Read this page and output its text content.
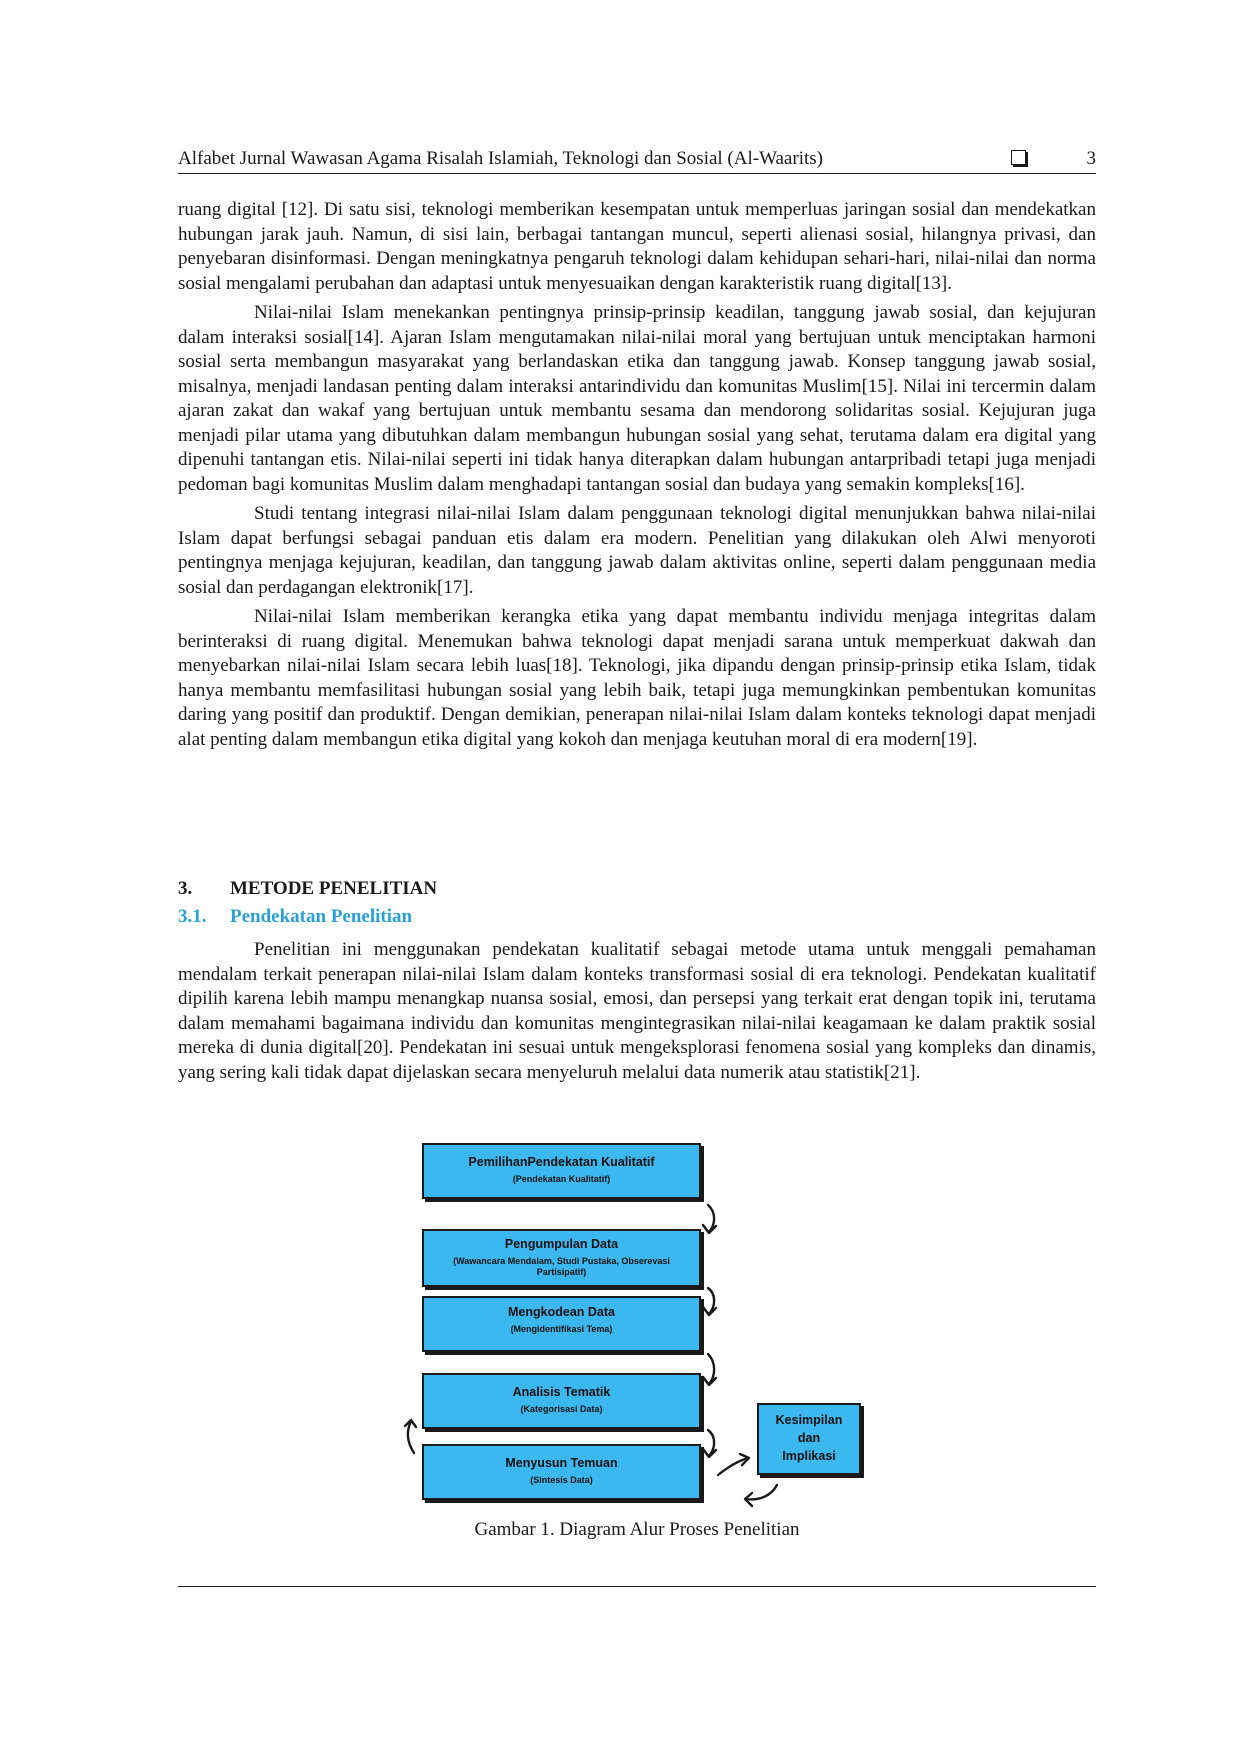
Alfabet Jurnal Wawasan Agama Risalah Islamiah, Teknologi dan Sosial (Al-Waarits)	3

ruang digital [12]. Di satu sisi, teknologi memberikan kesempatan untuk memperluas jaringan sosial dan mendekatkan hubungan jarak jauh. Namun, di sisi lain, berbagai tantangan muncul, seperti alienasi sosial, hilangnya privasi, dan penyebaran disinformasi. Dengan meningkatnya pengaruh teknologi dalam kehidupan sehari-hari, nilai-nilai dan norma sosial mengalami perubahan dan adaptasi untuk menyesuaikan dengan karakteristik ruang digital[13].

Nilai-nilai Islam menekankan pentingnya prinsip-prinsip keadilan, tanggung jawab sosial, dan kejujuran dalam interaksi sosial[14]. Ajaran Islam mengutamakan nilai-nilai moral yang bertujuan untuk menciptakan harmoni sosial serta membangun masyarakat yang berlandaskan etika dan tanggung jawab. Konsep tanggung jawab sosial, misalnya, menjadi landasan penting dalam interaksi antarindividu dan komunitas Muslim[15]. Nilai ini tercermin dalam ajaran zakat dan wakaf yang bertujuan untuk membantu sesama dan mendorong solidaritas sosial. Kejujuran juga menjadi pilar utama yang dibutuhkan dalam membangun hubungan sosial yang sehat, terutama dalam era digital yang dipenuhi tantangan etis. Nilai-nilai seperti ini tidak hanya diterapkan dalam hubungan antarpribadi tetapi juga menjadi pedoman bagi komunitas Muslim dalam menghadapi tantangan sosial dan budaya yang semakin kompleks[16].

Studi tentang integrasi nilai-nilai Islam dalam penggunaan teknologi digital menunjukkan bahwa nilai-nilai Islam dapat berfungsi sebagai panduan etis dalam era modern. Penelitian yang dilakukan oleh Alwi menyoroti pentingnya menjaga kejujuran, keadilan, dan tanggung jawab dalam aktivitas online, seperti dalam penggunaan media sosial dan perdagangan elektronik[17].

Nilai-nilai Islam memberikan kerangka etika yang dapat membantu individu menjaga integritas dalam berinteraksi di ruang digital. Menemukan bahwa teknologi dapat menjadi sarana untuk memperkuat dakwah dan menyebarkan nilai-nilai Islam secara lebih luas[18]. Teknologi, jika dipandu dengan prinsip-prinsip etika Islam, tidak hanya membantu memfasilitasi hubungan sosial yang lebih baik, tetapi juga memungkinkan pembentukan komunitas daring yang positif dan produktif. Dengan demikian, penerapan nilai-nilai Islam dalam konteks teknologi dapat menjadi alat penting dalam membangun etika digital yang kokoh dan menjaga keutuhan moral di era modern[19].

3. METODE PENELITIAN
3.1. Pendekatan Penelitian

Penelitian ini menggunakan pendekatan kualitatif sebagai metode utama untuk menggali pemahaman mendalam terkait penerapan nilai-nilai Islam dalam konteks transformasi sosial di era teknologi. Pendekatan kualitatif dipilih karena lebih mampu menangkap nuansa sosial, emosi, dan persepsi yang terkait erat dengan topik ini, terutama dalam memahami bagaimana individu dan komunitas mengintegrasikan nilai-nilai keagamaan ke dalam praktik sosial mereka di dunia digital[20]. Pendekatan ini sesuai untuk mengeksplorasi fenomena sosial yang kompleks dan dinamis, yang sering kali tidak dapat dijelaskan secara menyeluruh melalui data numerik atau statistik[21].

PemilihanPendekatan Kualitatif
(Pendekatan Kualitatif)
Pengumpulan Data
(Wawancara Mendalam, Studi Pustaka, Obserevasi Partisipatif)
Mengkodean Data
(Mengidentifikasi Tema)
Analisis Tematik
(Kategorisasi Data)
Menyusun Temuan
(Sintesis Data)
Kesimpilan
dan
Implikasi
Gambar 1. Diagram Alur Proses Penelitian
